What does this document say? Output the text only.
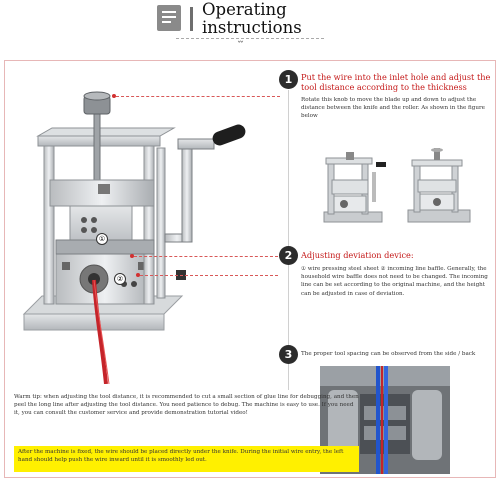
Operating instructions
ˇˇ
①
②
1	Put the wire into the inlet hole and adjust the tool distance according to the thickness
Rotate this knob to move the blade up and down to adjust the distance between the knife and the roller. As shown in the figure below
2	Adjusting deviation device:
① wire pressing steel sheet ② incoming line baffle. Generally, the household wire baffle does not need to be changed. The incoming line can be set according to the original machine, and the height can be adjusted in case of deviation.
3	The proper tool spacing can be observed from the side / back
Warm tip: when adjusting the tool distance, it is recommended to cut a small section of glue line for debugging, and then peel the long line after adjusting the tool distance. You need patience to debug. The machine is easy to use. If you need it, you can consult the customer service and provide demonstration tutorial video!
After the machine is fixed, the wire should be placed directly under the knife. During the initial wire entry, the left hand should help push the wire inward until it is smoothly led out.
